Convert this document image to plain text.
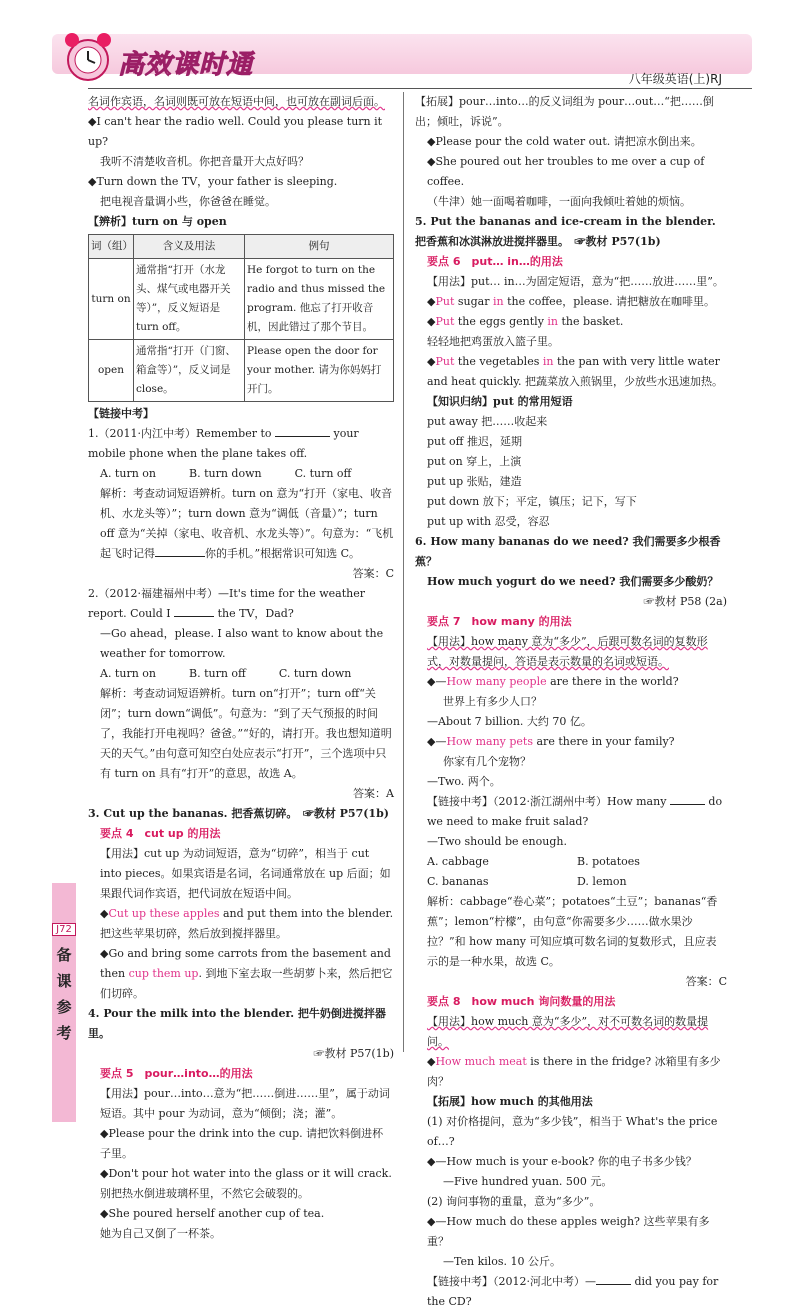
高效课时通	八年级英语(上)RJ

名词作宾语，名词则既可放在短语中间，也可放在副词后面。

◆I can't hear the radio well. Could you please turn it up?

我听不清楚收音机。你把音量开大点好吗？

◆Turn down the TV，your father is sleeping.

把电视音量调小些，你爸爸在睡觉。

【辨析】turn on 与 open

词（组）	含义及用法	例句
turn on	通常指“打开（水龙头、煤气或电器开关等）”，反义短语是turn off。	He forgot to turn on the radio and thus missed the program. 他忘了打开收音机，因此错过了那个节目。
open	通常指“打开（门窗、箱盒等）”，反义词是close。	Please open the door for your mother. 请为你妈妈打开门。

【链接中考】

1.（2011·内江中考）Remember to	your mobile phone when the plane takes off.

A. turn on　　　B. turn down　　　C. turn off

解析：考查动词短语辨析。turn on 意为“打开（家电、收音机、水龙头等）”；turn down 意为“调低（音量）”；turn off 意为“关掉（家电、收音机、水龙头等）”。句意为：“飞机起飞时记得	你的手机。”根据常识可知选 C。

答案：C

2.（2012·福建福州中考）—It's time for the weather report. Could I	the TV，Dad?

—Go ahead，please. I also want to know about the weather for tomorrow.

A. turn on　　　B. turn off　　　C. turn down

解析：考查动词短语辨析。turn on“打开”；turn off“关闭”；turn down“调低”。句意为：“到了天气预报的时间了，我能打开电视吗？爸爸。”“好的，请打开。我也想知道明天的天气。”由句意可知空白处应表示“打开”，三个选项中只有 turn on 具有“打开”的意思，故选 A。

答案：A

3. Cut up the bananas. 把香蕉切碎。　☞教材 P57(1b)

要点 4　cut up 的用法

【用法】cut up 为动词短语，意为“切碎”，相当于 cut into pieces。如果宾语是名词，名词通常放在 up 后面；如果跟代词作宾语，把代词放在短语中间。

◆Cut up these apples and put them into the blender.

把这些苹果切碎，然后放到搅拌器里。

◆Go and bring some carrots from the basement and then cup them up. 到地下室去取一些胡萝卜来，然后把它们切碎。

4. Pour the milk into the blender. 把牛奶倒进搅拌器里。

☞教材 P57(1b)

要点 5　pour…into…的用法

【用法】pour…into…意为“把……倒进……里”，属于动词短语。其中 pour 为动词，意为“倾倒；浇；灌”。

◆Please pour the drink into the cup. 请把饮料倒进杯子里。

◆Don't pour hot water into the glass or it will crack.

别把热水倒进玻璃杯里，不然它会破裂的。

◆She poured herself another cup of tea.

她为自己又倒了一杯茶。

【拓展】pour…into…的反义词组为 pour…out…“把……倒出；倾吐，诉说”。

◆Please pour the cold water out. 请把凉水倒出来。

◆She poured out her troubles to me over a cup of coffee.

（牛津）她一面喝着咖啡，一面向我倾吐着她的烦恼。

5. Put the bananas and ice-cream in the blender. 把香蕉和冰淇淋放进搅拌器里。　☞教材 P57(1b)

要点 6　put… in…的用法

【用法】put… in…为固定短语，意为“把……放进……里”。

◆Put sugar in the coffee，please. 请把糖放在咖啡里。

◆Put the eggs gently in the basket.

轻轻地把鸡蛋放入篮子里。

◆Put the vegetables in the pan with very little water and heat quickly. 把蔬菜放入煎锅里，少放些水迅速加热。

【知识归纳】put 的常用短语

put away 把……收起来

put off 推迟，延期

put on 穿上，上演

put up 张贴，建造

put down 放下；平定，镇压；记下，写下

put up with 忍受，容忍

6. How many bananas do we need? 我们需要多少根香蕉？

How much yogurt do we need? 我们需要多少酸奶？

☞教材 P58 (2a)

要点 7　how many 的用法

【用法】how many 意为“多少”，后跟可数名词的复数形式，对数量提问，答语是表示数量的名词或短语。

◆—How many people are there in the world?

世界上有多少人口？

—About 7 billion. 大约 70 亿。

◆—How many pets are there in your family?

你家有几个宠物？

—Two. 两个。

【链接中考】（2012·浙江湖州中考）How many	do we need to make fruit salad?

—Two should be enough.

A. cabbage	B. potatoes

C. bananas	D. lemon

解析：cabbage“卷心菜”；potatoes“土豆”；bananas“香蕉”；lemon“柠檬”，由句意“你需要多少……做水果沙拉？”和 how many 可知应填可数名词的复数形式，且应表示的是一种水果，故选 C。

答案：C

要点 8　how much 询问数量的用法

【用法】how much 意为“多少”，对不可数名词的数量提问。

◆How much meat is there in the fridge? 冰箱里有多少肉？

【拓展】how much 的其他用法

(1) 对价格提问，意为“多少钱”，相当于 What's the price of…?

◆—How much is your e-book? 你的电子书多少钱？

—Five hundred yuan. 500 元。

(2) 询问事物的重量，意为“多少”。

◆—How much do these apples weigh? 这些苹果有多重？

—Ten kilos. 10 公斤。

【链接中考】（2012·河北中考）—	did you pay for the CD?

J72
备
课
参
考
